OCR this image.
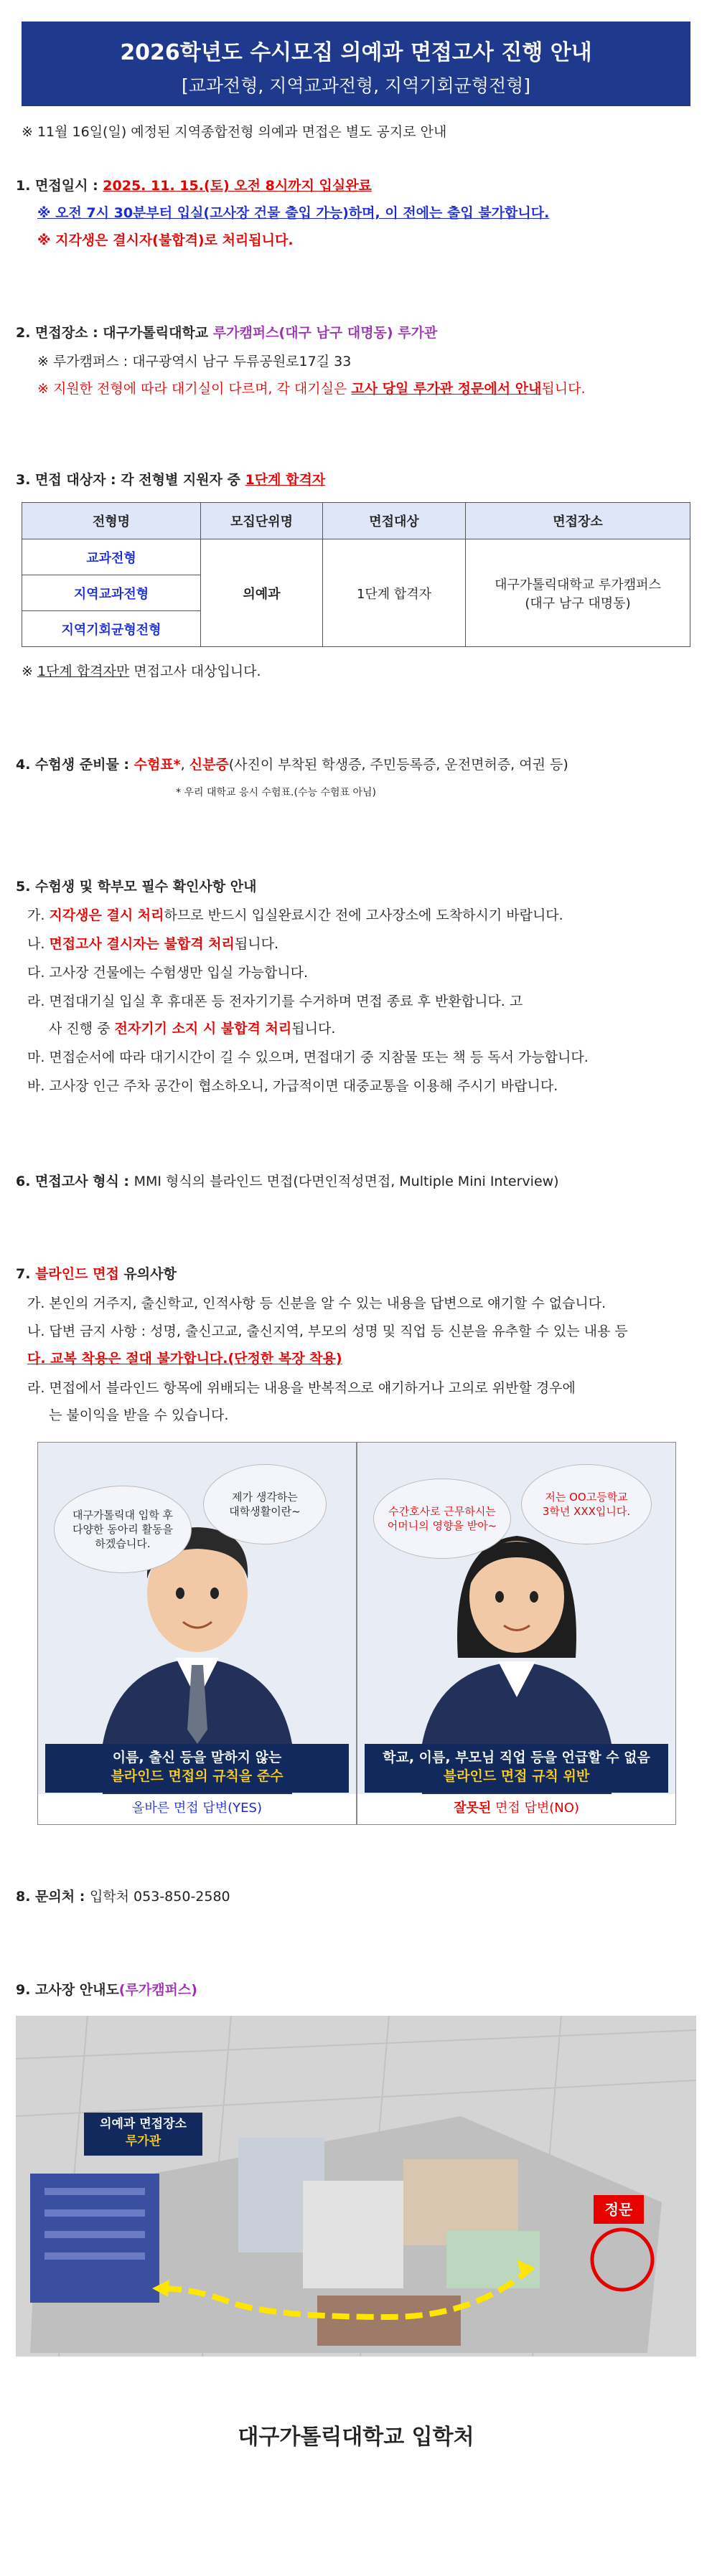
2026학년도 수시모집 의예과 면접고사 진행 안내
[교과전형, 지역교과전형, 지역기회균형전형]
※ 11월 16일(일) 예정된 지역종합전형 의예과 면접은 별도 공지로 안내
1. 면접일시 : 2025. 11. 15.(토) 오전 8시까지 입실완료
※ 오전 7시 30분부터 입실(고사장 건물 출입 가능)하며, 이 전에는 출입 불가합니다.
※ 지각생은 결시자(불합격)로 처리됩니다.
2. 면접장소 : 대구가톨릭대학교 루가캠퍼스(대구 남구 대명동) 루가관
※ 루가캠퍼스 : 대구광역시 남구 두류공원로17길 33
※ 지원한 전형에 따라 대기실이 다르며, 각 대기실은 고사 당일 루가관 정문에서 안내됩니다.
3. 면접 대상자 : 각 전형별 지원자 중 1단계 합격자
전형명	모집단위명	면접대상	면접장소
교과전형	의예과	1단계 합격자	대구가톨릭대학교 루가캠퍼스
(대구 남구 대명동)

지역교과전형			
지역기회균형전형			
※ 1단계 합격자만 면접고사 대상입니다.
4. 수험생 준비물 : 수험표*, 신분증(사진이 부착된 학생증, 주민등록증, 운전면허증, 여권 등)
* 우리 대학교 응시 수험표.(수능 수험표 아님)
5. 수험생 및 학부모 필수 확인사항 안내
가. 지각생은 결시 처리하므로 반드시 입실완료시간 전에 고사장소에 도착하시기 바랍니다.
나. 면접고사 결시자는 불합격 처리됩니다.
다. 고사장 건물에는 수험생만 입실 가능합니다.
라. 면접대기실 입실 후 휴대폰 등 전자기기를 수거하며 면접 종료 후 반환합니다. 고
사 진행 중 전자기기 소지 시 불합격 처리됩니다.
마. 면접순서에 따라 대기시간이 길 수 있으며, 면접대기 중 지참물 또는 책 등 독서 가능합니다.
바. 고사장 인근 주차 공간이 협소하오니, 가급적이면 대중교통을 이용해 주시기 바랍니다.
6. 면접고사 형식 : MMI 형식의 블라인드 면접(다면인적성면접, Multiple Mini Interview)
7. 블라인드 면접 유의사항
가. 본인의 거주지, 출신학교, 인적사항 등 신분을 알 수 있는 내용을 답변으로 얘기할 수 없습니다.
나. 답변 금지 사항 : 성명, 출신고교, 출신지역, 부모의 성명 및 직업 등 신분을 유추할 수 있는 내용 등
다. 교복 착용은 절대 불가합니다.(단정한 복장 착용)
라. 면접에서 블라인드 항목에 위배되는 내용을 반복적으로 얘기하거나 고의로 위반할 경우에
는 불이익을 받을 수 있습니다.
대구가톨릭대 입학 후
다양한 동아리 활동을
하겠습니다.
제가 생각하는
대학생활이란~
이름, 출신 등을 말하지 않는
블라인드 면접의 규칙을 준수
올바른 면접 답변(YES)
수간호사로 근무하시는
어머니의 영향을 받아~
저는 OO고등학교
3학년 XXX입니다.
학교, 이름, 부모님 직업 등을 언급할 수 없음
블라인드 면접 규칙 위반
잘못된 면접 답변(NO)
8. 문의처 : 입학처 053-850-2580
9. 고사장 안내도(루가캠퍼스)
의예과 면접장소
루가관
정문
대구가톨릭대학교 입학처
